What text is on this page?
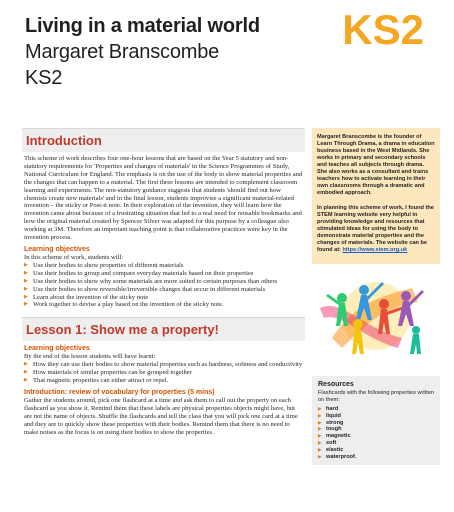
Living in a material world
Margaret Branscombe
KS2
KS2
Introduction

This scheme of work describes four one-hour lessons that are based on the Year 5 statutory and non-statutory requirements for 'Properties and changes of materials' in the Science Programmes of Study, National Curriculum for England. The emphasis is on the use of the body to show material properties and the changes that can happen to a material. The first three lessons are intended to complement classroom learning and experiments. The non-statutory guidance suggests that students 'should find out how chemists create new materials' and in the final lesson, students improvise a significant material-related invention – the sticky or Post-it note. In their exploration of the invention, they will learn how the invention came about because of a frustrating situation that led to a real need for reusable bookmarks and how the original material created by Spencer Silver was adapted for this purpose by a colleague also working at 3M. Therefore an important teaching point is that collaborative practices were key in the invention process.

Learning objectives

In this scheme of work, students will:

▶ Use their bodies to show properties of different materials
▶ Use their bodies to group and compare everyday materials based on their properties
▶ Use their bodies to show why some materials are more suited to certain purposes than others
▶ Use their bodies to show reversible/irreversible changes that occur in different materials
▶ Learn about the invention of the sticky note
▶ Work together to devise a play based on the invention of the sticky note.
Lesson 1: Show me a property!
Learning objectives

By the end of the lesson students will have learnt:

▶ How they can use their bodies to show material properties such as hardness, softness and conductivity
▶ How materials of similar properties can be grouped together
▶ That magnetic properties can either attract or repel.
Introduction: review of vocabulary for properties (5 mins)

Gather the students around, pick one flashcard at a time and ask them to call out the property on each flashcard as you show it. Remind them that these labels are physical properties objects might have, but are not the name of objects. Shuffle the flashcards and tell the class that you will pick one card at a time and they are to quickly show these properties with their bodies. Remind them that there is no need to make noises as the focus is on using their bodies to show the properties.

Margaret Branscombe is the founder of Learn Through Drama, a drama in education business based in the West Midlands. She works in primary and secondary schools and teaches all subjects through drama. She also works as a consultant and trains teachers how to activate learning in their own classrooms through a dramatic and embodied approach.

In planning this scheme of work, I found the STEM learning website very helpful in providing knowledge and resources that stimulated ideas for using the body to demonstrate material properties and the changes of materials. The website can be found at: https://www.stem.org.uk

Resources
Flashcards with the following properties written on them:
▶ hard
▶ liquid
▶ strong
▶ tough
▶ magnetic
▶ soft
▶ elastic
▶ waterproof.
